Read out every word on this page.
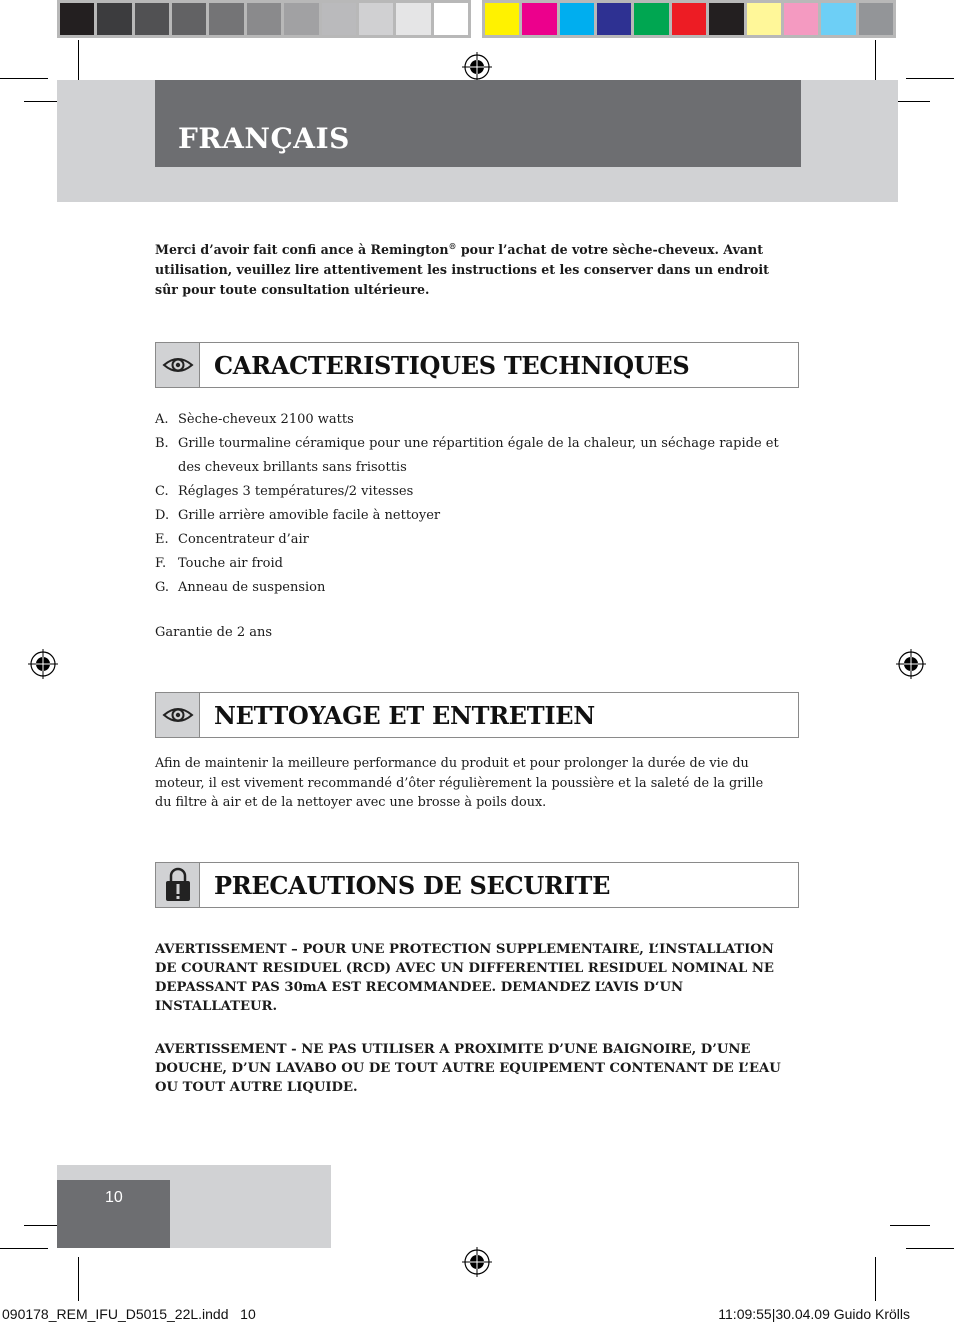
FRANÇAIS

Merci d’avoir fait confi ance à Remington® pour l’achat de votre sèche-cheveux. Avant utilisation, veuillez lire attentivement les instructions et les conserver dans un endroit sûr pour toute consultation ultérieure.

CARACTERISTIQUES TECHNIQUES
A. Sèche-cheveux 2100 watts
B. Grille tourmaline céramique pour une répartition égale de la chaleur, un séchage rapide et des cheveux brillants sans frisottis
C. Réglages 3 températures/2 vitesses
D. Grille arrière amovible facile à nettoyer
E. Concentrateur d’air
F. Touche air froid
G. Anneau de suspension
Garantie de 2 ans
NETTOYAGE ET ENTRETIEN

Afin de maintenir la meilleure performance du produit et pour prolonger la durée de vie du moteur, il est vivement recommandé d’ôter régulièrement la poussière et la saleté de la grille du filtre à air et de la nettoyer avec une brosse à poils doux.

PRECAUTIONS DE SECURITE

AVERTISSEMENT – POUR UNE PROTECTION SUPPLEMENTAIRE, L‘INSTALLATION DE COURANT RESIDUEL (RCD) AVEC UN DIFFERENTIEL RESIDUEL NOMINAL NE DEPASSANT PAS 30mA EST RECOMMANDEE. DEMANDEZ L‘AVIS D‘UN INSTALLATEUR.

AVERTISSEMENT - NE PAS UTILISER A PROXIMITE D’UNE BAIGNOIRE, D’UNE DOUCHE, D’UN LAVABO OU DE TOUT AUTRE EQUIPEMENT CONTENANT DE L’EAU OU TOUT AUTRE LIQUIDE.

10
090178_REM_IFU_D5015_22L.indd   10	11:09:55|30.04.09 Guido Krölls
